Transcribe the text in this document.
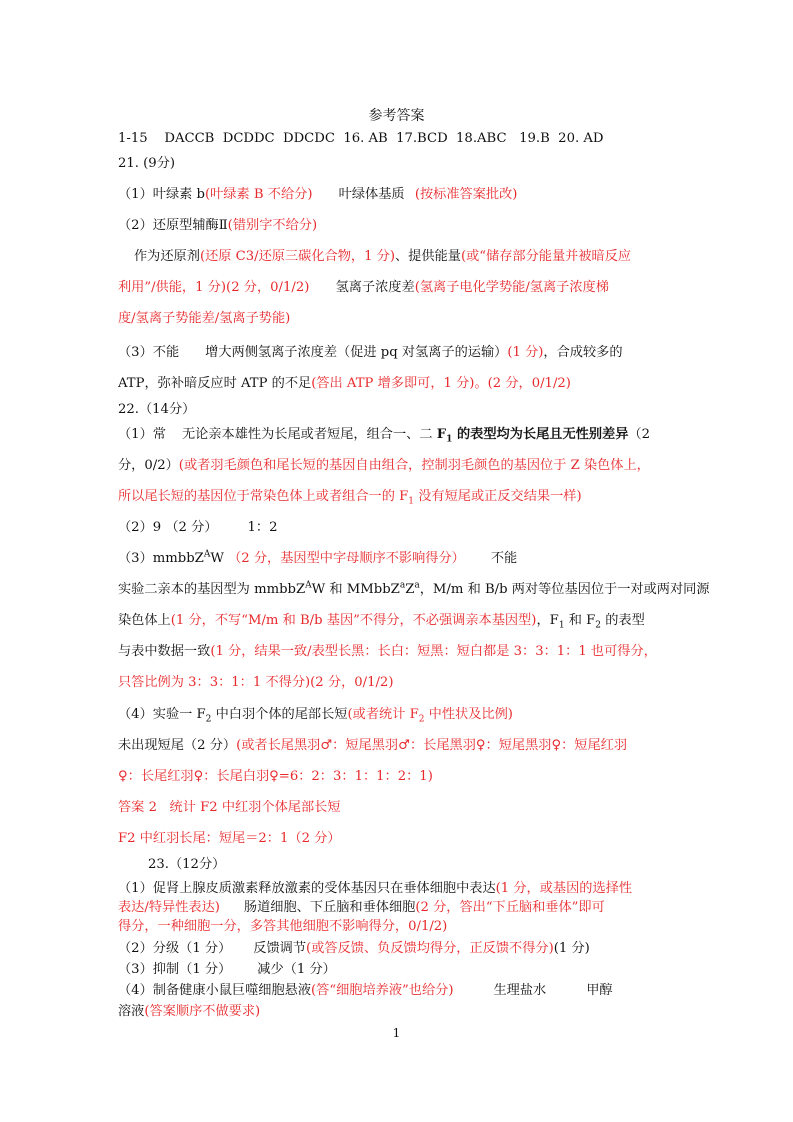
参考答案
1-15    DACCB  DCDDC  DDCDC  16. AB  17.BCD  18.ABC   19.B  20. AD
21. (9分)
（1）叶绿素 b(叶绿素 B 不给分) 叶绿体基质 (按标准答案批改)
（2）还原型辅酶Ⅱ(错别字不给分)
作为还原剂(还原 C3/还原三碳化合物，1 分)、提供能量(或“储存部分能量并被暗反应
利用”/供能，1 分)(2 分，0/1/2) 氢离子浓度差(氢离子电化学势能/氢离子浓度梯
度/氢离子势能差/氢离子势能)
（3）不能 增大两侧氢离子浓度差（促进 pq 对氢离子的运输）(1 分)，合成较多的
ATP，弥补暗反应时 ATP 的不足(答出 ATP 增多即可，1 分)。(2 分，0/1/2)
22.（14分）
（1）常 无论亲本雄性为长尾或者短尾，组合一、二 $F_1$ 的表型均为长尾且无性别差异（2
分，0/2）(或者羽毛颜色和尾长短的基因自由组合，控制羽毛颜色的基因位于 Z 染色体上，
所以尾长短的基因位于常染色体上或者组合一的 $F_1$ 没有短尾或正反交结果一样)
（2）9 （2 分） 1：2
（3）mmbbZ$^A$W （2 分，基因型中字母顺序不影响得分） 不能
实验二亲本的基因型为 mmbbZ$^A$W 和 $MMbbZ^aZ^a$，M/m 和 B/b 两对等位基因位于一对或两对同源
染色体上(1 分，不写“M/m 和 B/b 基因”不得分，不必强调亲本基因型)，$F_1$ 和 $F_2$ 的表型
与表中数据一致(1 分，结果一致/表型长黑：长白：短黑：短白都是 3：3：1：1 也可得分，
只答比例为 3：3：1：1 不得分)(2 分，0/1/2)
（4）实验一 $F_2$ 中白羽个体的尾部长短(或者统计 $F_2$ 中性状及比例)
未出现短尾（2 分）(或者长尾黑羽♂：短尾黑羽♂：长尾黑羽♀：短尾黑羽♀：短尾红羽
♀：长尾红羽♀：长尾白羽♀=6：2：3：1：1：2：1)
答案 2   统计 F2 中红羽个体尾部长短
F2 中红羽长尾：短尾＝2：1（2 分）
23.（12分）
（1）促肾上腺皮质激素释放激素的受体基因只在垂体细胞中表达(1 分，或基因的选择性
表达/特异性表达) 肠道细胞、下丘脑和垂体细胞(2 分，答出“下丘脑和垂体”即可
得分，一种细胞一分，多答其他细胞不影响得分，0/1/2)
（2）分级（1 分） 反馈调节(或答反馈、负反馈均得分，正反馈不得分)(1 分)
（3）抑制（1 分） 减少（1 分）
（4）制备健康小鼠巨噬细胞悬液(答“细胞培养液”也给分)	生理盐水	甲醇
溶液(答案顺序不做要求)
1
